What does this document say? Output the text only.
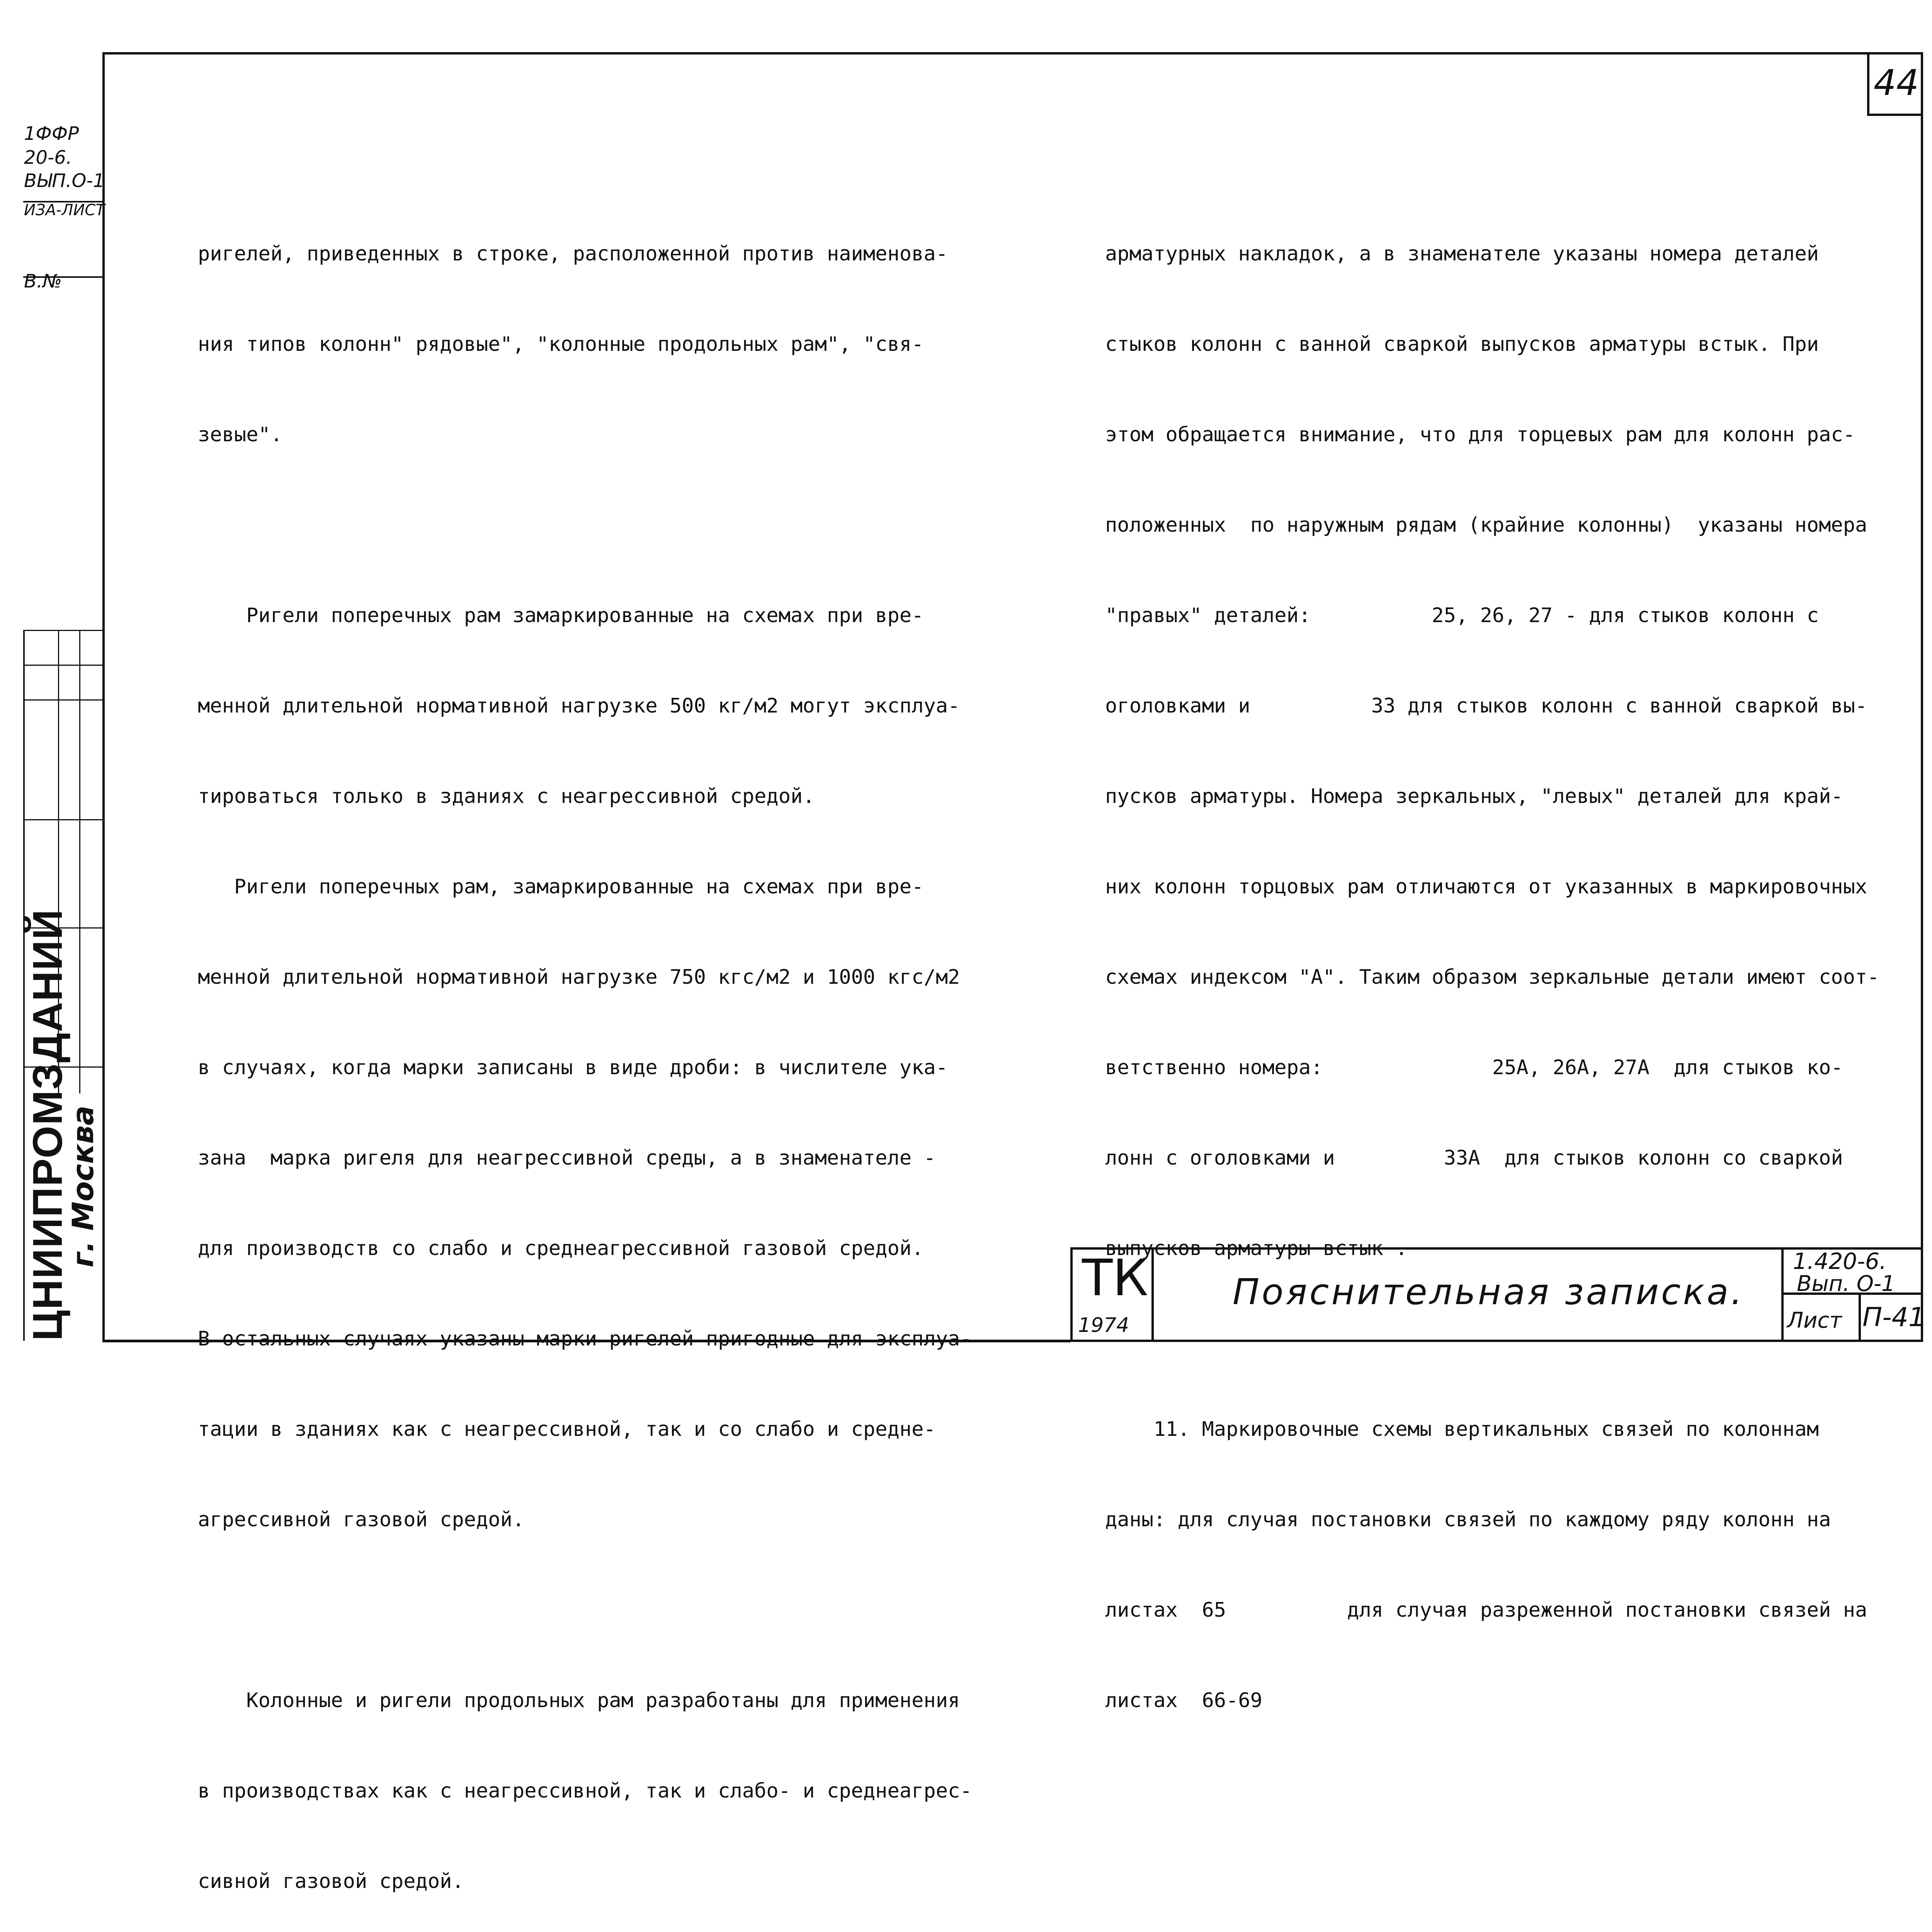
44
1ФФР
20-6.
ВЫП.О-1
ИЗА-ЛИСТ
В.№
ЦНИИПРОМЗДАНИЙ
г. Москва

ригелей, приведенных в строке, расположенной против наименова-

ния типов колонн" рядовые", "колонные продольных рам", "свя-

зевые".

Ригели поперечных рам замаркированные на схемах при вре-

менной длительной нормативной нагрузке 500 кг/м2 могут эксплуа-

тироваться только в зданиях с неагрессивной средой.

Ригели поперечных рам, замаркированные на схемах при вре-

менной длительной нормативной нагрузке 750 кгс/м2 и 1000 кгс/м2

в случаях, когда марки записаны в виде дроби: в числителе ука-

зана  марка ригеля для неагрессивной среды, а в знаменателе -

для производств со слабо и среднеагрессивной газовой средой.

В остальных случаях указаны марки ригелей пригодные для эксплуа-

тации в зданиях как с неагрессивной, так и со слабо и средне-

агрессивной газовой средой.

Колонные и ригели продольных рам разработаны для применения

в производствах как с неагрессивной, так и слабо- и среднеагрес-

сивной газовой средой.

арматурных накладок, а в знаменателе указаны номера деталей

стыков колонн с ванной сваркой выпусков арматуры встык. При

этом обращается внимание, что для торцевых рам для колонн рас-

положенных  по наружным рядам (крайние колонны)  указаны номера

"правых" деталей:          25, 26, 27 - для стыков колонн с

оголовками и          33 для стыков колонн с ванной сваркой вы-

пусков арматуры. Номера зеркальных, "левых" деталей для край-

них колонн торцовых рам отличаются от указанных в маркировочных

схемах индексом "А". Таким образом зеркальные детали имеют соот-

ветственно номера:              25А, 26А, 27А  для стыков ко-

лонн с оголовками и         33А  для стыков колонн со сваркой

выпусков арматуры встык .

11. Маркировочные схемы вертикальных связей по колоннам

даны: для случая постановки связей по каждому ряду колонн на

листах  65          для случая разреженной постановки связей на

листах  66-69

ТК
1974
Пояснительная записка.
1.420-6.
Вып. О-1
Лист П-41
